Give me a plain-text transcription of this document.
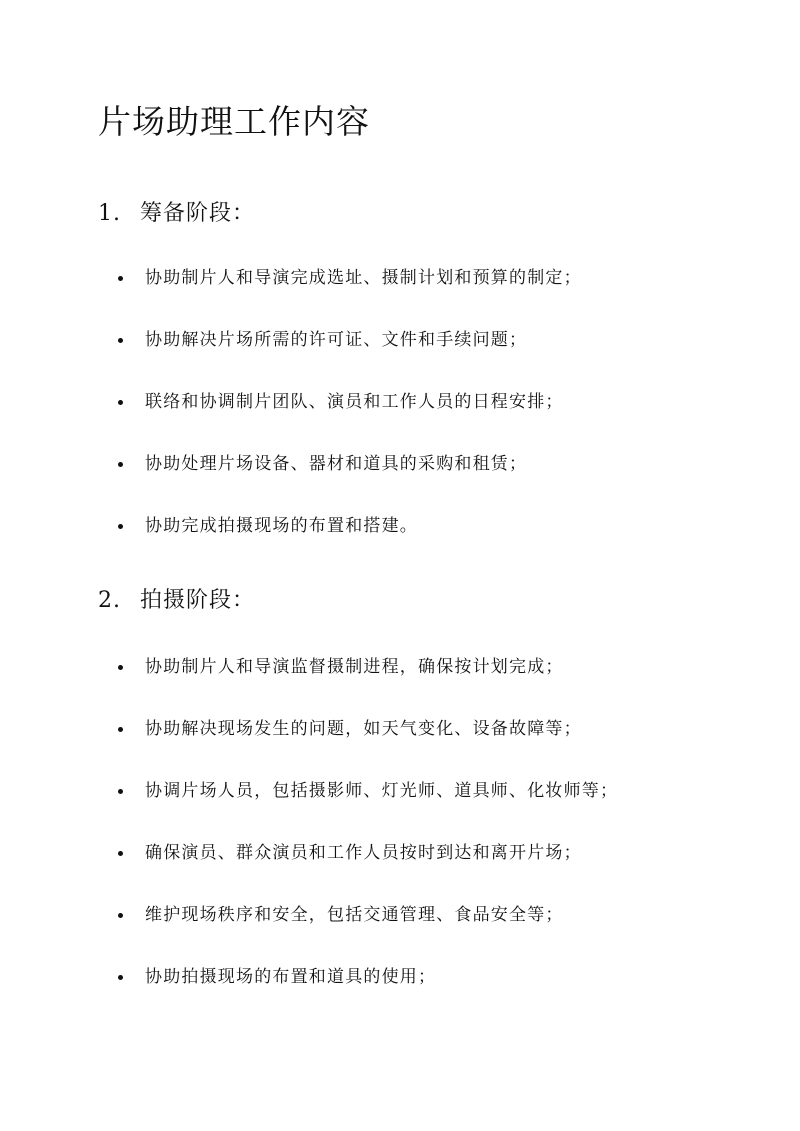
片场助理工作内容
1. 筹备阶段：
协助制片人和导演完成选址、摄制计划和预算的制定；
协助解决片场所需的许可证、文件和手续问题；
联络和协调制片团队、演员和工作人员的日程安排；
协助处理片场设备、器材和道具的采购和租赁；
协助完成拍摄现场的布置和搭建。
2. 拍摄阶段：
协助制片人和导演监督摄制进程，确保按计划完成；
协助解决现场发生的问题，如天气变化、设备故障等；
协调片场人员，包括摄影师、灯光师、道具师、化妆师等；
确保演员、群众演员和工作人员按时到达和离开片场；
维护现场秩序和安全，包括交通管理、食品安全等；
协助拍摄现场的布置和道具的使用；
